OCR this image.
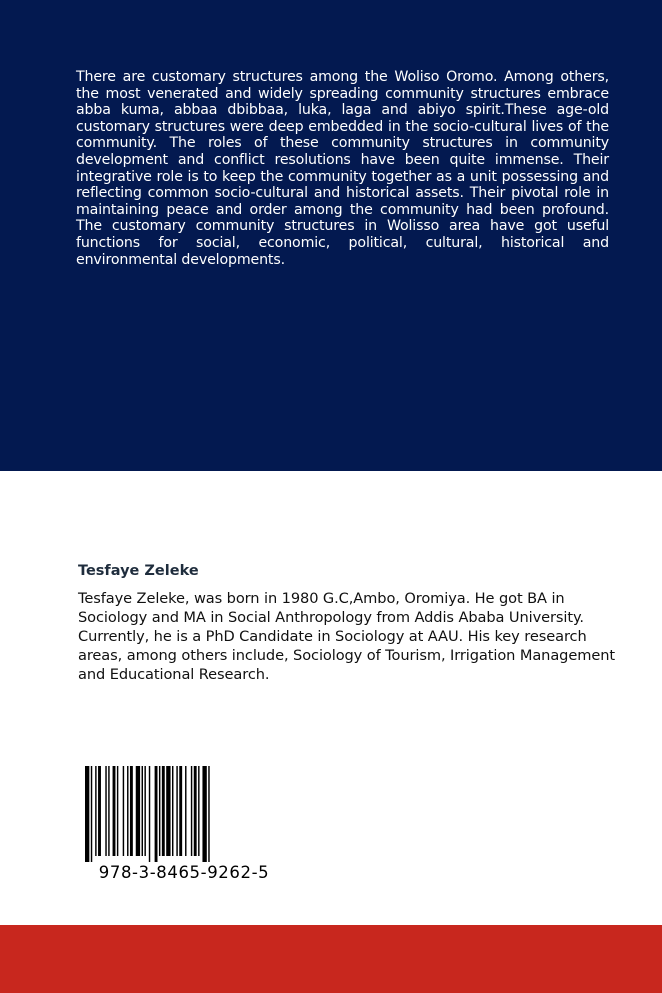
There are customary structures among the Woliso Oromo. Among others, the most venerated and widely spreading community structures embrace abba kuma, abbaa dbibbaa, luka, laga and abiyo spirit.These age-old customary structures were deep embedded in the socio-cultural lives of the community. The roles of these community structures in community development and conflict resolutions have been quite immense. Their integrative role is to keep the community together as a unit possessing and reflecting common socio-cultural and historical assets. Their pivotal role in maintaining peace and order among the community had been profound. The customary community structures in Wolisso area have got useful functions for social, economic, political, cultural, historical and environmental developments.

Tesfaye Zeleke

Tesfaye Zeleke, was born in 1980 G.C,Ambo, Oromiya. He got BA in Sociology and MA in Social Anthropology from Addis Ababa University. Currently, he is a PhD Candidate in Sociology at AAU. His key research areas, among others include, Sociology of Tourism, Irrigation Management and Educational Research.

978-3-8465-9262-5
